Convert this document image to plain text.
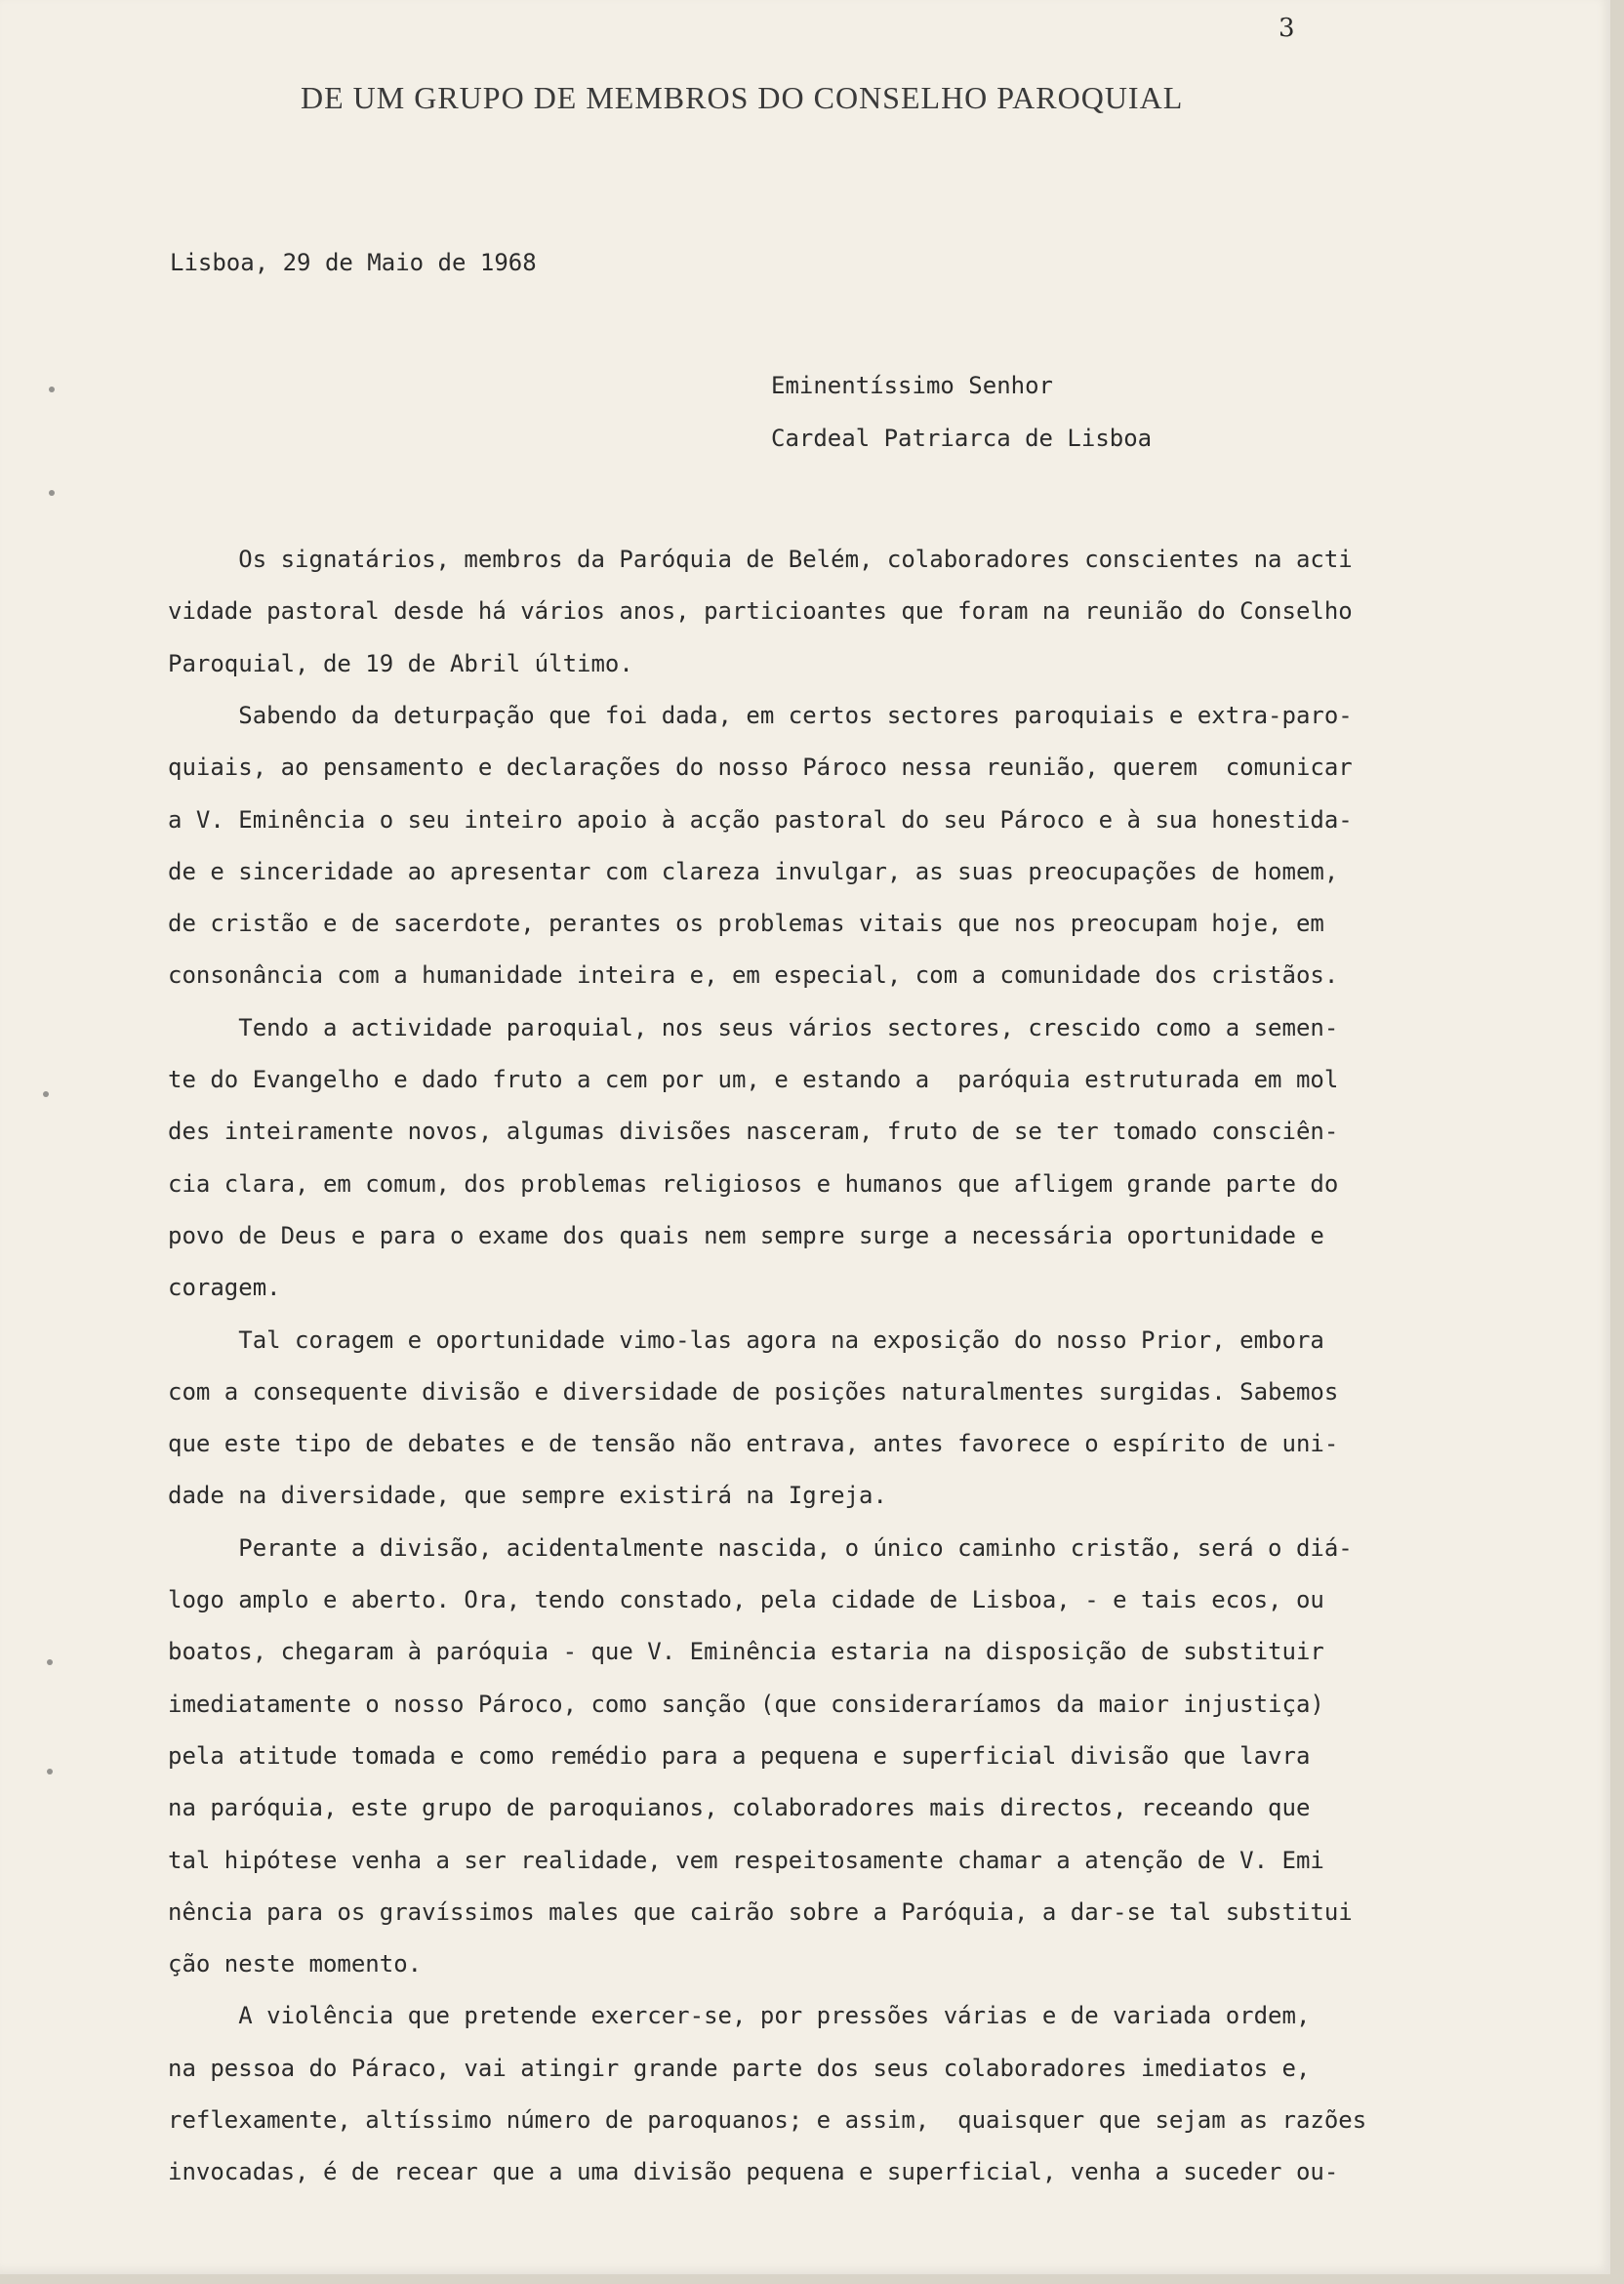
3
DE UM GRUPO DE MEMBROS DO CONSELHO PAROQUIAL
Lisboa, 29 de Maio de 1968
Eminentíssimo Senhor
Cardeal Patriarca de Lisboa
Os signatários, membros da Paróquia de Belém, colaboradores conscientes na acti
vidade pastoral desde há vários anos, particioantes que foram na reunião do Conselho
Paroquial, de 19 de Abril último.
Sabendo da deturpação que foi dada, em certos sectores paroquiais e extra-paro-
quiais, ao pensamento e declarações do nosso Pároco nessa reunião, querem  comunicar
a V. Eminência o seu inteiro apoio à acção pastoral do seu Pároco e à sua honestida-
de e sinceridade ao apresentar com clareza invulgar, as suas preocupações de homem,
de cristão e de sacerdote, perantes os problemas vitais que nos preocupam hoje, em
consonância com a humanidade inteira e, em especial, com a comunidade dos cristãos.
Tendo a actividade paroquial, nos seus vários sectores, crescido como a semen-
te do Evangelho e dado fruto a cem por um, e estando a  paróquia estruturada em mol
des inteiramente novos, algumas divisões nasceram, fruto de se ter tomado consciên-
cia clara, em comum, dos problemas religiosos e humanos que afligem grande parte do
povo de Deus e para o exame dos quais nem sempre surge a necessária oportunidade e
coragem.
Tal coragem e oportunidade vimo-las agora na exposição do nosso Prior, embora
com a consequente divisão e diversidade de posições naturalmentes surgidas. Sabemos
que este tipo de debates e de tensão não entrava, antes favorece o espírito de uni-
dade na diversidade, que sempre existirá na Igreja.
Perante a divisão, acidentalmente nascida, o único caminho cristão, será o diá-
logo amplo e aberto. Ora, tendo constado, pela cidade de Lisboa, - e tais ecos, ou
boatos, chegaram à paróquia - que V. Eminência estaria na disposição de substituir
imediatamente o nosso Pároco, como sanção (que consideraríamos da maior injustiça)
pela atitude tomada e como remédio para a pequena e superficial divisão que lavra
na paróquia, este grupo de paroquianos, colaboradores mais directos, receando que
tal hipótese venha a ser realidade, vem respeitosamente chamar a atenção de V. Emi
nência para os gravíssimos males que cairão sobre a Paróquia, a dar-se tal substitui
ção neste momento.
A violência que pretende exercer-se, por pressões várias e de variada ordem,
na pessoa do Páraco, vai atingir grande parte dos seus colaboradores imediatos e,
reflexamente, altíssimo número de paroquanos; e assim,  quaisquer que sejam as razões
invocadas, é de recear que a uma divisão pequena e superficial, venha a suceder ou-
